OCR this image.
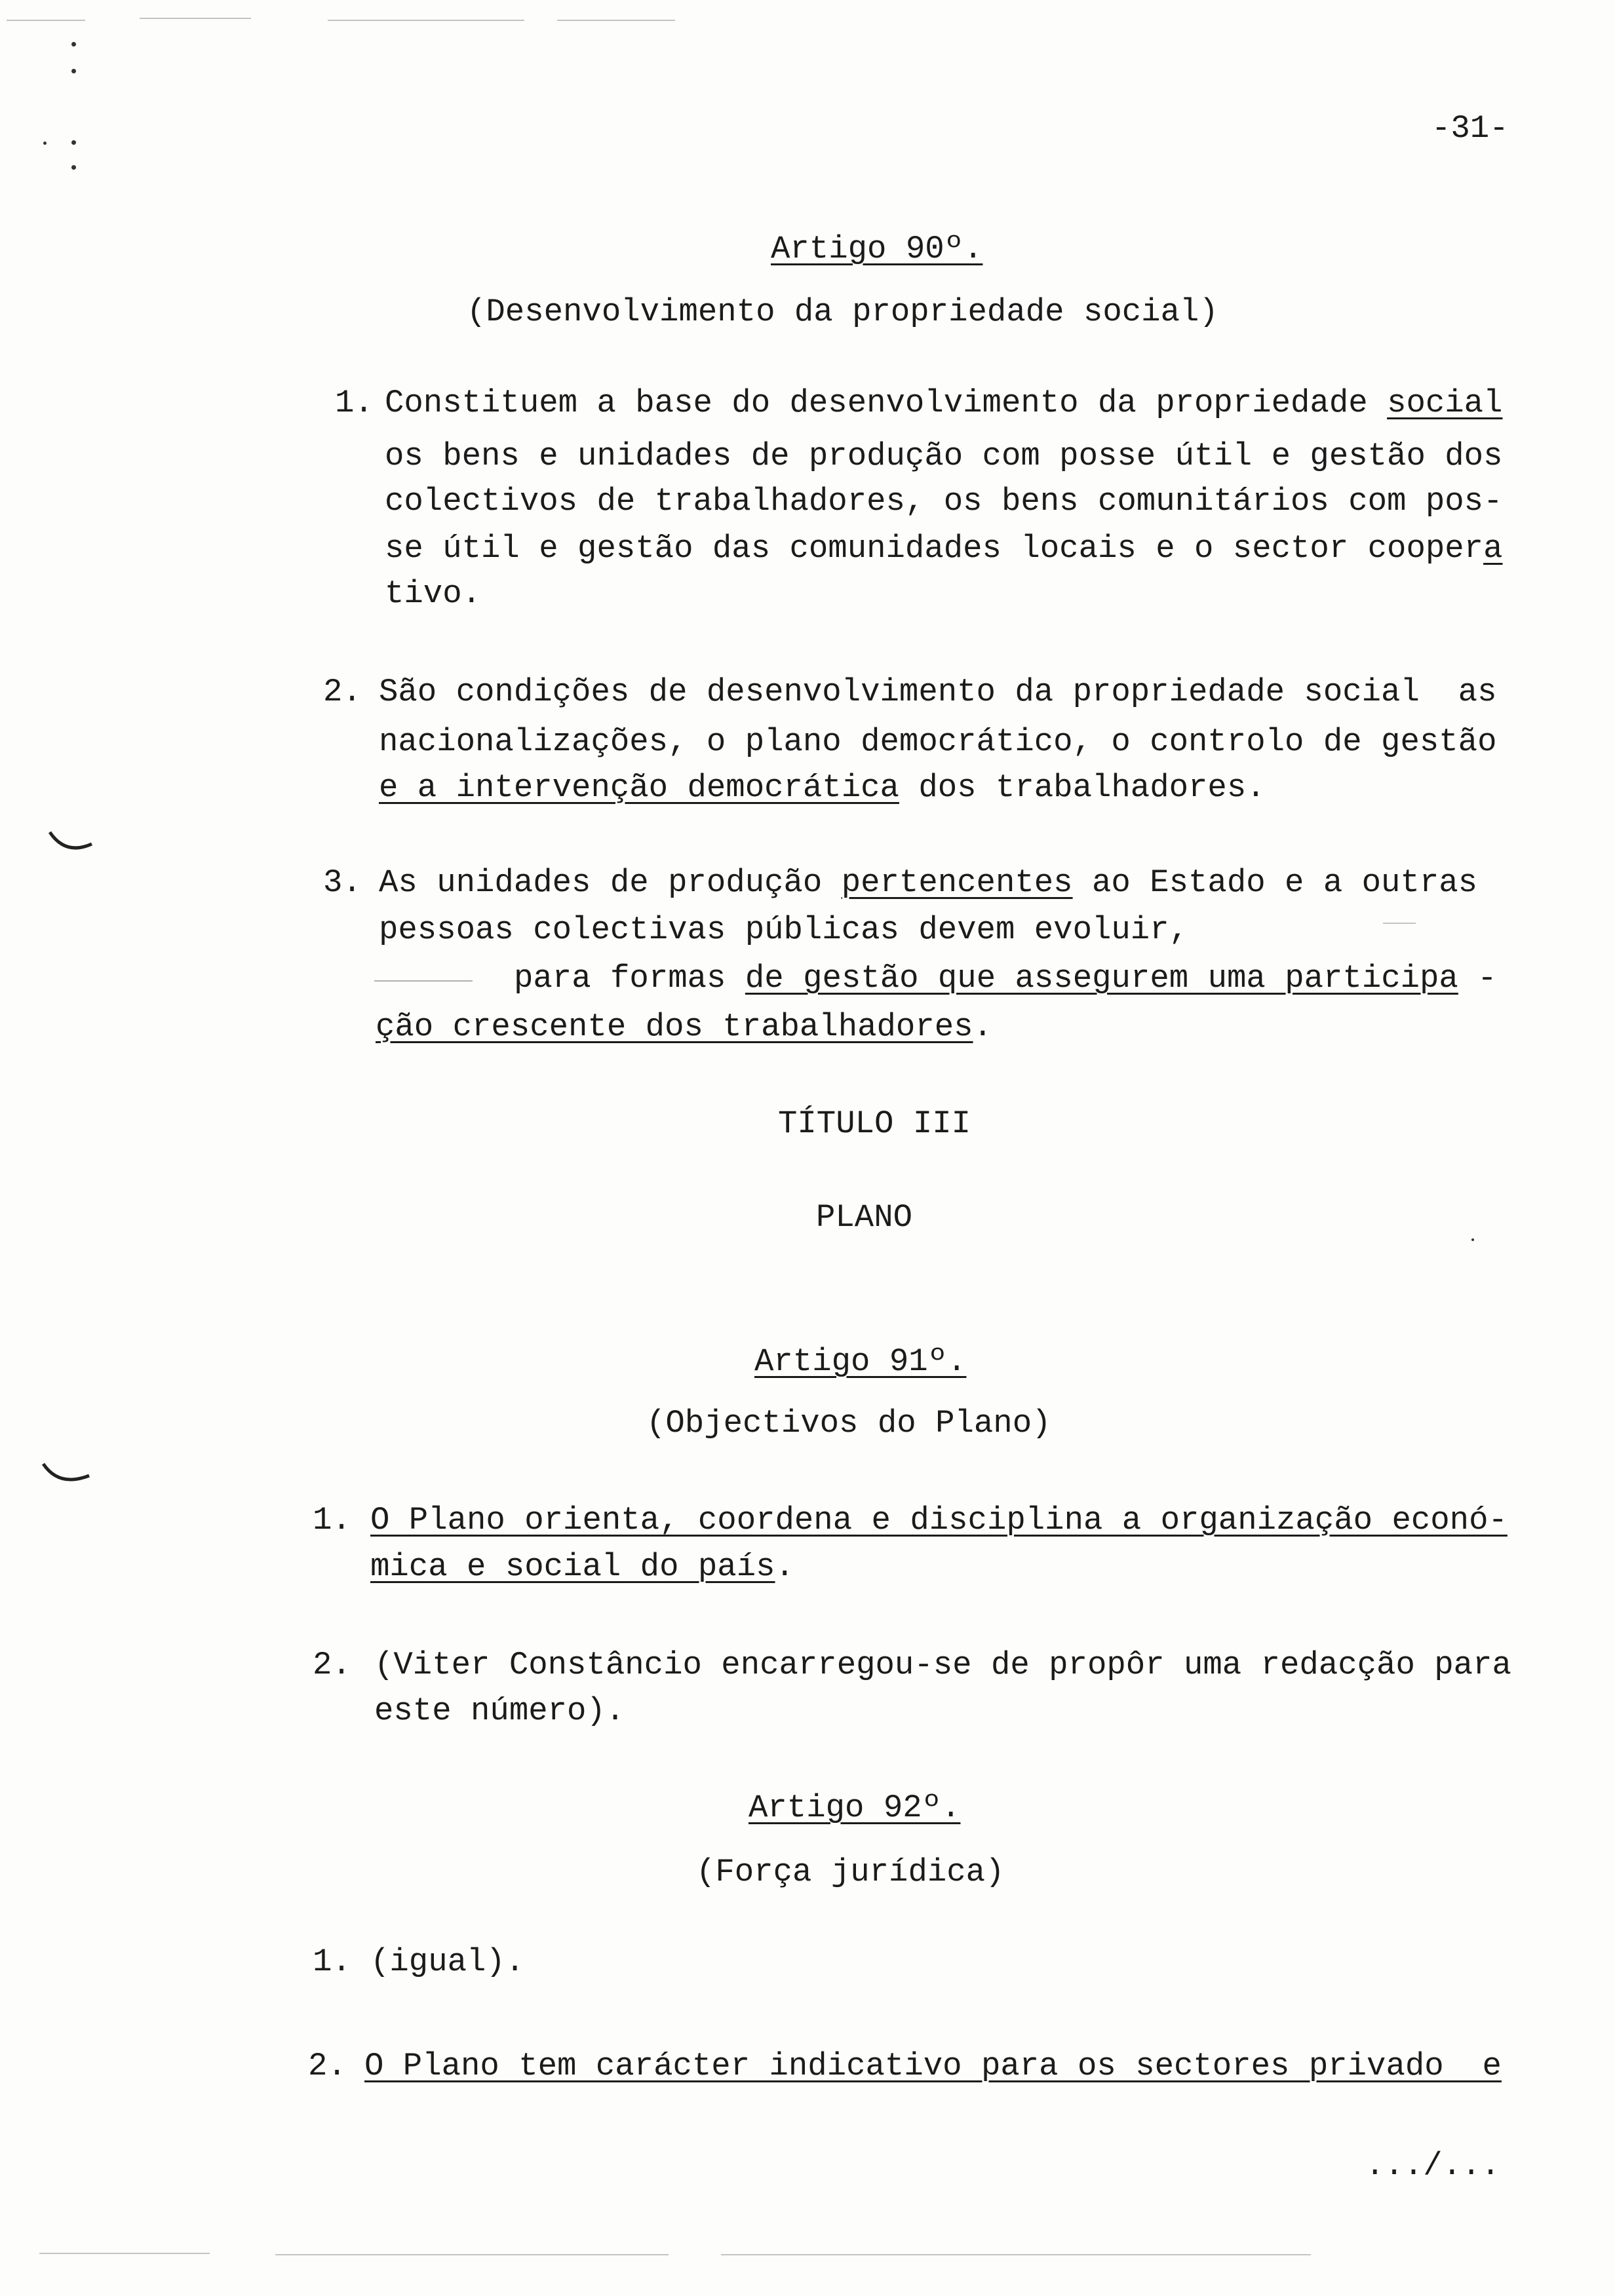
-31-
Artigo 90º.
(Desenvolvimento da propriedade social)
1. Constituem a base do desenvolvimento da propriedade social
os bens e unidades de produção com posse útil e gestão dos
colectivos de trabalhadores, os bens comunitários com pos-
se útil e gestão das comunidades locais e o sector coopera
tivo.
2. São condições de desenvolvimento da propriedade social  as
nacionalizações, o plano democrático, o controlo de gestão
e a intervenção democrática dos trabalhadores.
3. As unidades de produção pertencentes ao Estado e a outras
pessoas colectivas públicas devem evoluir,
para formas de gestão que assegurem uma participa -
ção crescente dos trabalhadores.
TÍTULO III
PLANO
Artigo 91º.
(Objectivos do Plano)
1. O Plano orienta, coordena e disciplina a organização econó-
mica e social do país.
2. (Viter Constâncio encarregou-se de propôr uma redacção para
este número).
Artigo 92º.
(Força jurídica)
1. (igual).
2. O Plano tem carácter indicativo para os sectores privado  e
.../...
